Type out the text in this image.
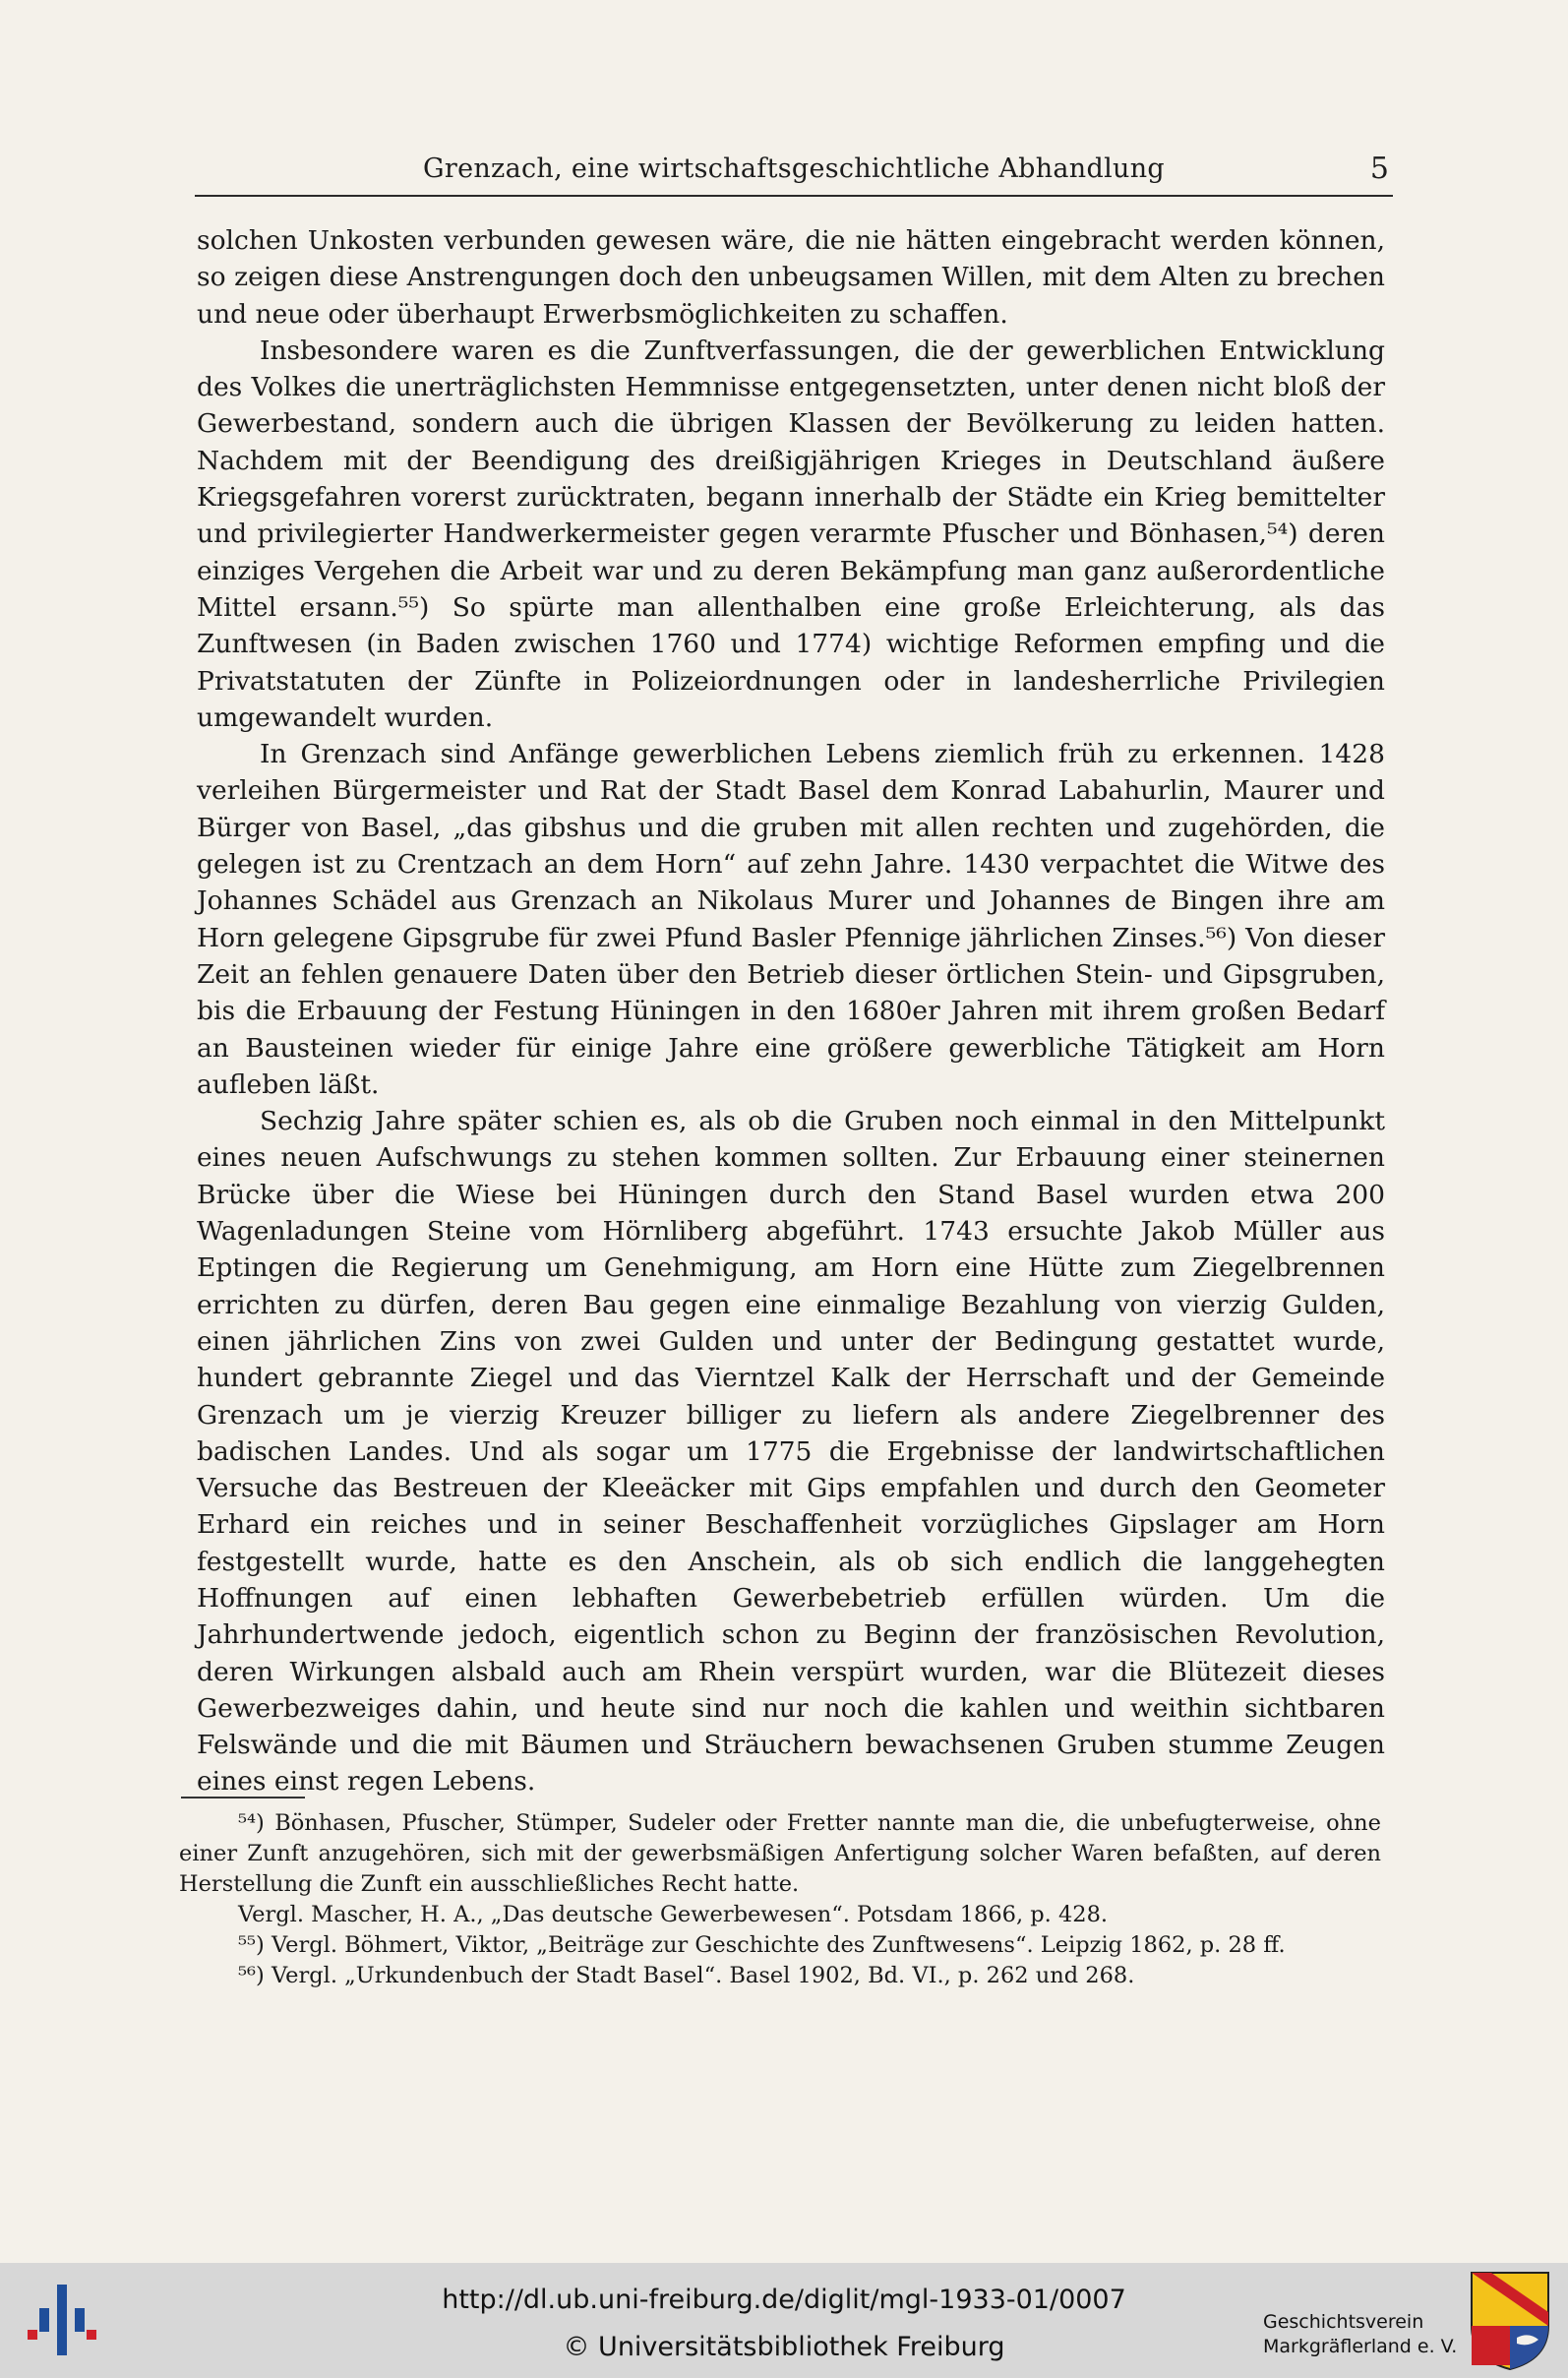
Grenzach, eine wirtschaftsgeschichtliche Abhandlung	5

solchen Unkosten verbunden gewesen wäre, die nie hätten eingebracht werden können, so zeigen diese Anstrengungen doch den unbeugsamen Willen, mit dem Alten zu brechen und neue oder überhaupt Erwerbsmöglichkeiten zu schaffen.

Insbesondere waren es die Zunftverfassungen, die der gewerblichen Entwicklung des Volkes die unerträglichsten Hemmnisse entgegensetzten, unter denen nicht bloß der Gewerbestand, sondern auch die übrigen Klassen der Bevölkerung zu leiden hatten. Nachdem mit der Beendigung des dreißigjährigen Krieges in Deutschland äußere Kriegsgefahren vorerst zurücktraten, begann innerhalb der Städte ein Krieg bemittelter und privilegierter Handwerkermeister gegen verarmte Pfuscher und Bönhasen,⁵⁴) deren einziges Vergehen die Arbeit war und zu deren Bekämpfung man ganz außerordentliche Mittel ersann.⁵⁵) So spürte man allenthalben eine große Erleichterung, als das Zunftwesen (in Baden zwischen 1760 und 1774) wichtige Reformen empfing und die Privatstatuten der Zünfte in Polizeiordnungen oder in landesherrliche Privilegien umgewandelt wurden.

In Grenzach sind Anfänge gewerblichen Lebens ziemlich früh zu erkennen. 1428 verleihen Bürgermeister und Rat der Stadt Basel dem Konrad Labahurlin, Maurer und Bürger von Basel, „das gibshus und die gruben mit allen rechten und zugehörden, die gelegen ist zu Crentzach an dem Horn“ auf zehn Jahre. 1430 verpachtet die Witwe des Johannes Schädel aus Grenzach an Nikolaus Murer und Johannes de Bingen ihre am Horn gelegene Gipsgrube für zwei Pfund Basler Pfennige jährlichen Zinses.⁵⁶) Von dieser Zeit an fehlen genauere Daten über den Betrieb dieser örtlichen Stein- und Gipsgruben, bis die Erbauung der Festung Hüningen in den 1680er Jahren mit ihrem großen Bedarf an Bausteinen wieder für einige Jahre eine größere gewerbliche Tätigkeit am Horn aufleben läßt.

Sechzig Jahre später schien es, als ob die Gruben noch einmal in den Mittelpunkt eines neuen Aufschwungs zu stehen kommen sollten. Zur Erbauung einer steinernen Brücke über die Wiese bei Hüningen durch den Stand Basel wurden etwa 200 Wagenladungen Steine vom Hörnliberg abgeführt. 1743 ersuchte Jakob Müller aus Eptingen die Regierung um Genehmigung, am Horn eine Hütte zum Ziegelbrennen errichten zu dürfen, deren Bau gegen eine einmalige Bezahlung von vierzig Gulden, einen jährlichen Zins von zwei Gulden und unter der Bedingung gestattet wurde, hundert gebrannte Ziegel und das Vierntzel Kalk der Herrschaft und der Gemeinde Grenzach um je vierzig Kreuzer billiger zu liefern als andere Ziegelbrenner des badischen Landes. Und als sogar um 1775 die Ergebnisse der landwirtschaftlichen Versuche das Bestreuen der Kleeäcker mit Gips empfahlen und durch den Geometer Erhard ein reiches und in seiner Beschaffenheit vorzügliches Gipslager am Horn festgestellt wurde, hatte es den Anschein, als ob sich endlich die langgehegten Hoffnungen auf einen lebhaften Gewerbebetrieb erfüllen würden. Um die Jahrhundertwende jedoch, eigentlich schon zu Beginn der französischen Revolution, deren Wirkungen alsbald auch am Rhein verspürt wurden, war die Blütezeit dieses Gewerbezweiges dahin, und heute sind nur noch die kahlen und weithin sichtbaren Felswände und die mit Bäumen und Sträuchern bewachsenen Gruben stumme Zeugen eines einst regen Lebens.

⁵⁴) Bönhasen, Pfuscher, Stümper, Sudeler oder Fretter nannte man die, die unbefugterweise, ohne einer Zunft anzugehören, sich mit der gewerbsmäßigen Anfertigung solcher Waren befaßten, auf deren Herstellung die Zunft ein ausschließliches Recht hatte.

Vergl. Mascher, H. A., „Das deutsche Gewerbewesen“. Potsdam 1866, p. 428.

⁵⁵) Vergl. Böhmert, Viktor, „Beiträge zur Geschichte des Zunftwesens“. Leipzig 1862, p. 28 ff.

⁵⁶) Vergl. „Urkundenbuch der Stadt Basel“. Basel 1902, Bd. VI., p. 262 und 268.

http://dl.ub.uni-freiburg.de/diglit/mgl-1933-01/0007
© Universitätsbibliothek Freiburg
Geschichtsverein
Markgräflerland e. V.
